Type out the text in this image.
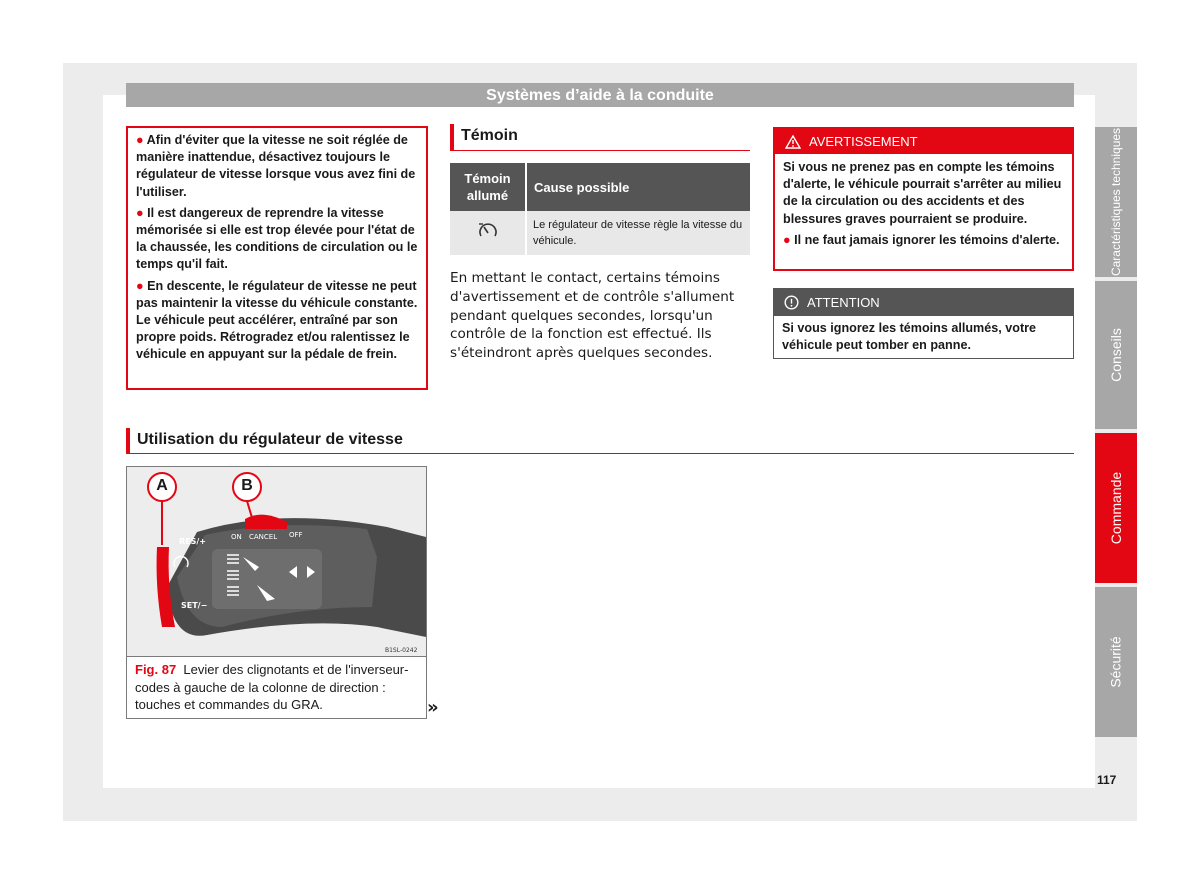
Systèmes d’aide à la conduite

● Afin d'éviter que la vitesse ne soit réglée de manière inattendue, désactivez toujours le régulateur de vitesse lorsque vous avez fini de l'utiliser.

● Il est dangereux de reprendre la vitesse mémorisée si elle est trop élevée pour l'état de la chaussée, les conditions de circulation ou le temps qu'il fait.

● En descente, le régulateur de vitesse ne peut pas maintenir la vitesse du véhicule constante. Le véhicule peut accélérer, entraîné par son propre poids. Rétrogradez et/ou ralentissez le véhicule en appuyant sur la pédale de frein.

Témoin
Témoin allumé	Cause possible
	Le régulateur de vitesse règle la vitesse du véhicule.
En mettant le contact, certains témoins d'avertissement et de contrôle s'allument pendant quelques secondes, lorsqu'un contrôle de la fonction est effectué. Ils s'éteindront après quelques secondes.
AVERTISSEMENT

Si vous ne prenez pas en compte les témoins d'alerte, le véhicule pourrait s'arrêter au milieu de la circulation ou des accidents et des blessures graves pourraient se produire.

● Il ne faut jamais ignorer les témoins d'alerte.

ATTENTION

Si vous ignorez les témoins allumés, votre véhicule peut tomber en panne.

Utilisation du régulateur de vitesse
A	B
RES/+
SET/−
ON CANCEL OFF
B1SL-0242
Fig. 87 Levier des clignotants et de l'inverseur-codes à gauche de la colonne de direction : touches et commandes du GRA.	»
Caractéristiques techniques
Conseils
Commande
Sécurité
117
